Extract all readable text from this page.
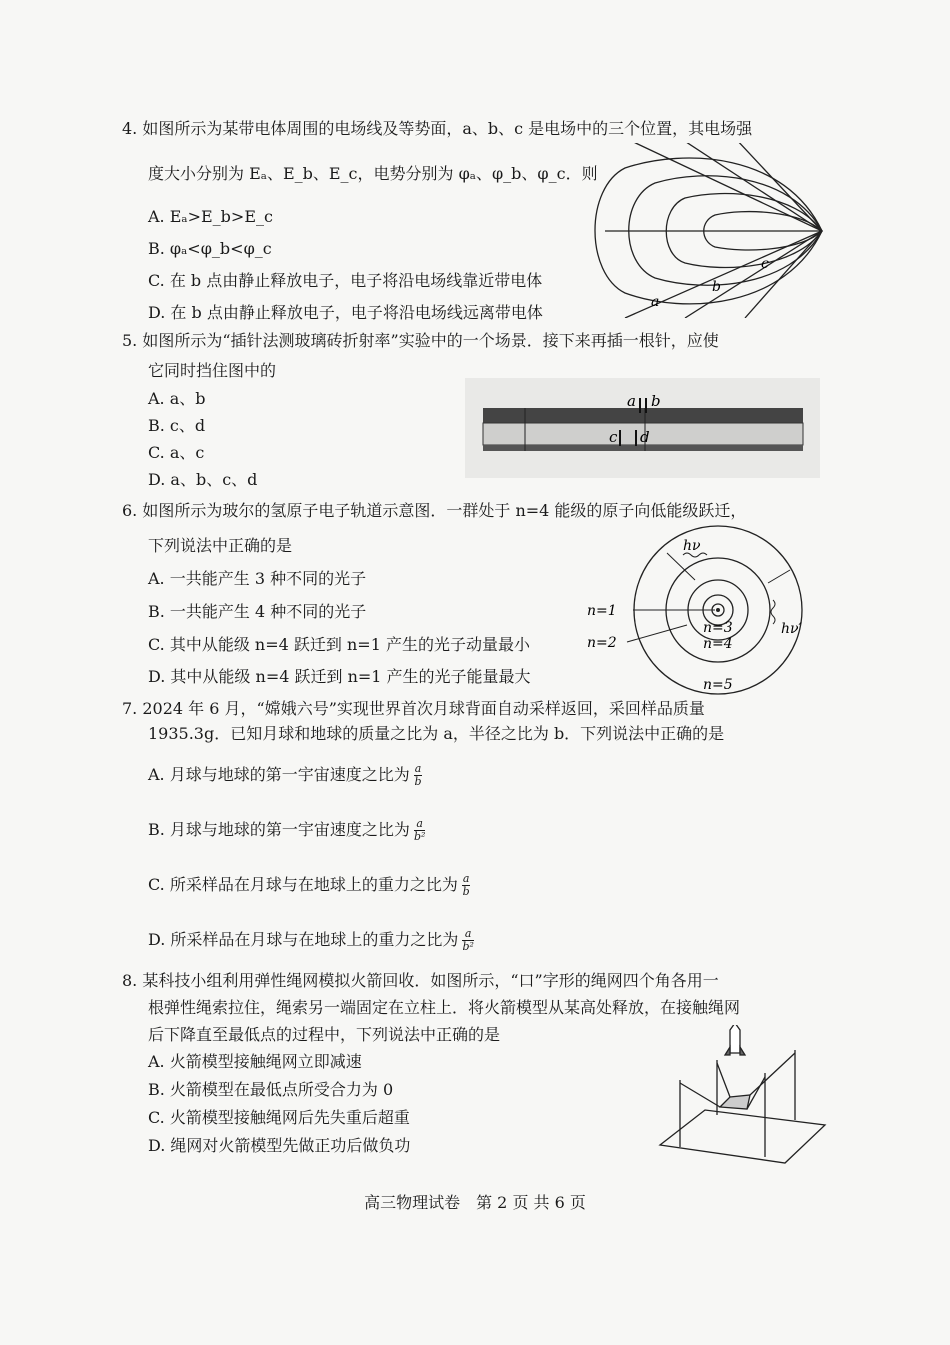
4. 如图所示为某带电体周围的电场线及等势面，a、b、c 是电场中的三个位置，其电场强
度大小分别为 Eₐ、E_b、E_c，电势分别为 φₐ、φ_b、φ_c．则
A. Eₐ>E_b>E_c
B. φₐ<φ_b<φ_c
C. 在 b 点由静止释放电子，电子将沿电场线靠近带电体
D. 在 b 点由静止释放电子，电子将沿电场线远离带电体
a
b
c
5. 如图所示为“插针法测玻璃砖折射率”实验中的一个场景．接下来再插一根针，应使
它同时挡住图中的
A. a、b
B. c、d
C. a、c
D. a、b、c、d
a b
c d
6. 如图所示为玻尔的氢原子电子轨道示意图．一群处于 n=4 能级的原子向低能级跃迁，
下列说法中正确的是
A. 一共能产生 3 种不同的光子
B. 一共能产生 4 种不同的光子
C. 其中从能级 n=4 跃迁到 n=1 产生的光子动量最小
D. 其中从能级 n=4 跃迁到 n=1 产生的光子能量最大
hν
hν′
n=1
n=2
n=3
n=4
n=5
7. 2024 年 6 月，“嫦娥六号”实现世界首次月球背面自动采样返回，采回样品质量
1935.3g．已知月球和地球的质量之比为 a，半径之比为 b．下列说法中正确的是
A. 月球与地球的第一宇宙速度之比为 $\frac{a}{b}$
B. 月球与地球的第一宇宙速度之比为 $\frac{a}{\text{b²}}$
C. 所采样品在月球与在地球上的重力之比为 $\frac{a}{b}$
D. 所采样品在月球与在地球上的重力之比为 $\frac{a}{\text{b²}}$
8. 某科技小组利用弹性绳网模拟火箭回收．如图所示，“口”字形的绳网四个角各用一
根弹性绳索拉住，绳索另一端固定在立柱上．将火箭模型从某高处释放，在接触绳网
后下降直至最低点的过程中，下列说法中正确的是
A. 火箭模型接触绳网立即减速
B. 火箭模型在最低点所受合力为 0
C. 火箭模型接触绳网后先失重后超重
D. 绳网对火箭模型先做正功后做负功
高三物理试卷　第 2 页 共 6 页
